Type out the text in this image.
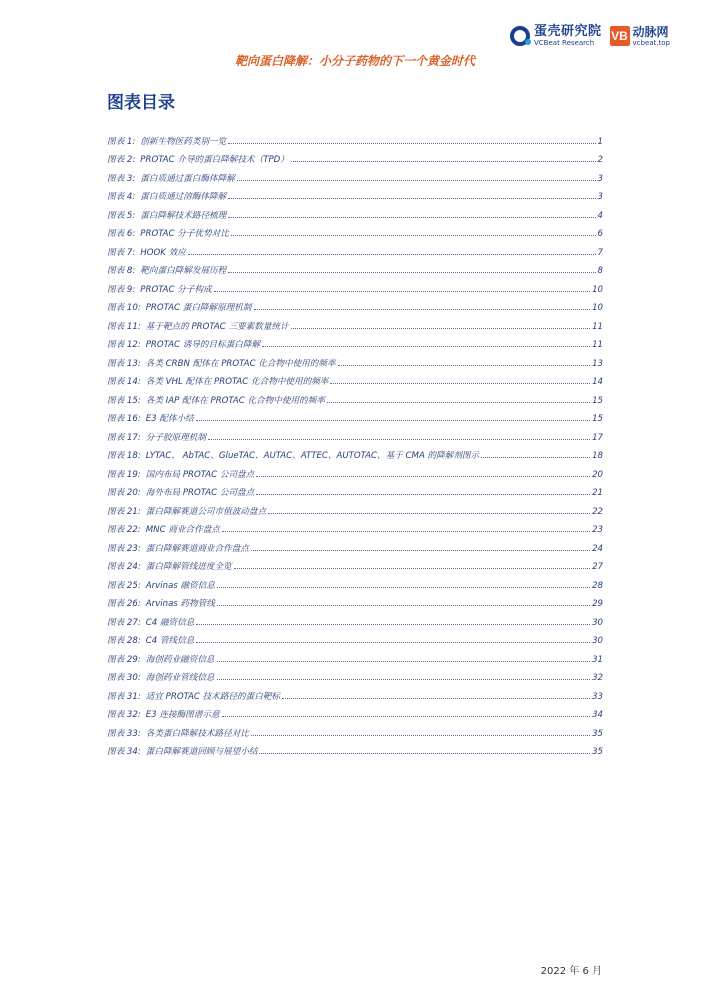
蛋壳研究院
VCBeat Research	VB 动脉网
vcbeat.top
靶向蛋白降解：小分子药物的下一个黄金时代
图表目录
图表 1: 创新生物医药类别一览	1
图表 2: PROTAC 介导的蛋白降解技术（TPD）	2
图表 3: 蛋白质通过蛋白酶体降解	3
图表 4: 蛋白质通过溶酶体降解	3
图表 5: 蛋白降解技术路径梳理	4
图表 6: PROTAC 分子优势对比	6
图表 7: HOOK 效应	7
图表 8: 靶向蛋白降解发展历程	8
图表 9: PROTAC 分子构成	10
图表 10: PROTAC 蛋白降解原理机制	10
图表 11: 基于靶点的 PROTAC 三要素数量统计	11
图表 12: PROTAC 诱导的目标蛋白降解	11
图表 13: 各类 CRBN 配体在 PROTAC 化合物中使用的频率	13
图表 14: 各类 VHL 配体在 PROTAC 化合物中使用的频率	14
图表 15: 各类 IAP 配体在 PROTAC 化合物中使用的频率	15
图表 16: E3 配体小结	15
图表 17: 分子胶原理机制	17
图表 18: LYTAC、 AbTAC、GlueTAC、AUTAC、ATTEC、AUTOTAC、基于 CMA 的降解剂图示	18
图表 19: 国内布局 PROTAC 公司盘点	20
图表 20: 海外布局 PROTAC 公司盘点	21
图表 21: 蛋白降解赛道公司市值波动盘点	22
图表 22: MNC 商业合作盘点	23
图表 23: 蛋白降解赛道商业合作盘点	24
图表 24: 蛋白降解管线进度全览	27
图表 25: Arvinas 融资信息	28
图表 26: Arvinas 药物管线	29
图表 27: C4 融资信息	30
图表 28: C4 管线信息	30
图表 29: 海创药业融资信息	31
图表 30: 海创药业管线信息	32
图表 31: 适宜 PROTAC 技术路径的蛋白靶标	33
图表 32: E3 连接酶图谱示意	34
图表 33: 各类蛋白降解技术路径对比	35
图表 34: 蛋白降解赛道回顾与展望小结	35
2022 年 6 月
